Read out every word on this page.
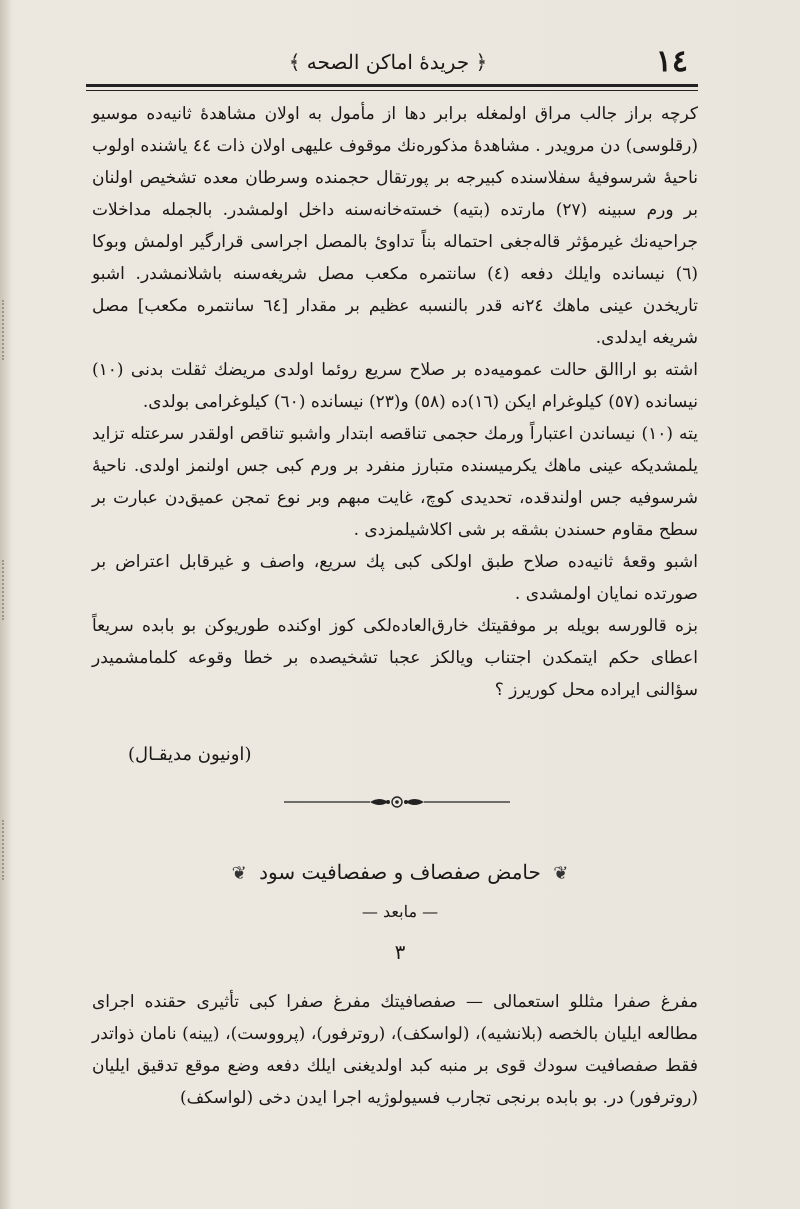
١٤
﴿ جريدهٔ اماكن الصحه ﴾

كرچه براز جالب مراق اولمغله برابر دها از مأمول به اولان مشاهدهٔ ثانیه‌ده موسیو (رقلوسی) دن مرویدر . مشاهدهٔ مذكوره‌نك موقوف علیهی اولان ذات ٤٤ یاشنده اولوب ناحیهٔ شرسوفیهٔ سفلاسنده كبیرجه بر پورتقال حجمنده وسرطان معده تشخیص اولنان بر ورم سبینه (٢٧) مارتده (بتیه) خسته‌خانه‌سنه داخل اولمشدر. بالجمله مداخلات جراحیه‌نك غیرمؤثر قاله‌جغی احتماله بناً تداویٔ بالمصل اجراسی قرارگیر اولمش وبوكا (٦) نیسانده وایلك دفعه (٤) سانتمره مكعب مصل شریغه‌سنه باشلانمشدر. اشبو تاریخدن عینی ماهك ٢٤نه قدر بالنسبه عظیم بر مقدار [٦٤ سانتمره مكعب] مصل شریغه ایدلدی.

اشته بو اراالق حالت عمومیه‌ده بر صلاح سریع روئما اولدی مریضك ثقلت بدنی (١٠) نیسانده (٥٧) كیلوغرام ایكن (١٦)ده (٥٨) و(٢٣) نیسانده (٦٠) كیلوغرامی بولدی.

یته (١٠) نیساندن اعتباراً ورمك حجمی تناقصه ابتدار واشبو تناقص اولقدر سرعتله تزاید یلمشدیكه عینی ماهك یكرمیسنده متبارز منفرد بر ورم كبی جس اولنمز اولدی. ناحیهٔ شرسوفیه جس اولندقده، تحدیدی كوچ، غایت مبهم وبر نوع تمجن عمیق‌دن عبارت بر سطح مقاوم حسندن بشقه بر شی اكلاشیلمزدی .

اشبو وقعهٔ ثانیه‌ده صلاح طبق اولكی كبی پك سریع، واصف و غیرقابل اعتراض بر صورتده نمایان اولمشدی .

بزه قالورسه بویله بر موفقیتك خارق‌العاده‌لكی كوز اوكنده طوریوكن بو بابده سریعاً اعطای حكم ایتمكدن اجتناب ویالكز عجبا تشخیصده بر خطا وقوعه كلمامشمیدر سؤالنی ایراده محل كوریرز ؟

(اونیون مدیقـال)
❦ حامض صفصاف و صفصافیت سود ❦
— مابعد —
٣

مفرغ صفرا مثللو استعمالی — صفصافیتك مفرغ صفرا كبی تأثیری حقنده اجرای مطالعه ایلیان بالخصه (بلانشیه)، (لواسكف)، (روترفور)، (پرووست)، (یینه) نامان ذواتدر فقط صفصافیت سودك قوی بر منبه كبد اولدیغنی ایلك دفعه وضع موقع تدقیق ایلیان (روترفور) در. بو بابده برنجی تجارب فسیولوژیه اجرا ایدن دخی (لواسكف)
